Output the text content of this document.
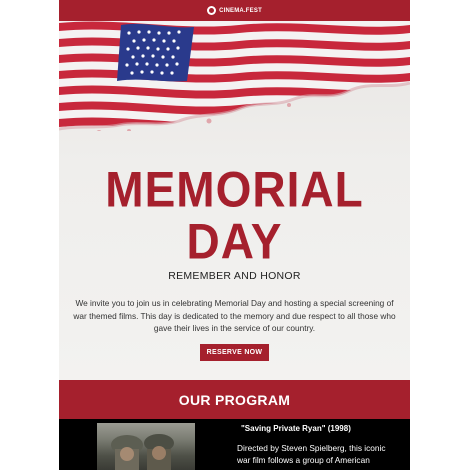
CINEMA.FEST
MEMORIAL
DAY
REMEMBER AND HONOR
We invite you to join us in celebrating Memorial Day and hosting a special screening of war themed films. This day is dedicated to the memory and due respect to all those who gave their lives in the service of our country.
RESERVE NOW
OUR PROGRAM
"Saving Private Ryan" (1998)
Directed by Steven Spielberg, this iconic war film follows a group of American
